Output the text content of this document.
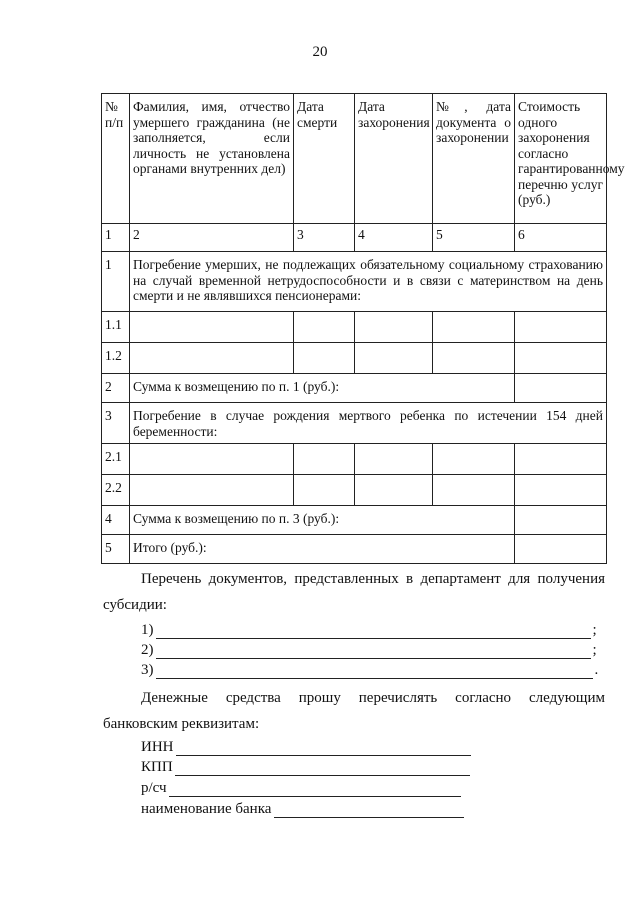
20
№ п/п	Фамилия, имя, отчество умершего гражданина (не заполняется, если личность не установлена органами внутренних дел)	Дата смерти	Дата захоронения	№, дата документа о захоронении	Стоимость одного захоронения согласно гарантированному перечню услуг (руб.)
1	2	3	4	5	6
1	Погребение умерших, не подлежащих обязательному социальному страхованию на случай временной нетрудоспособности и в связи с материнством на день смерти и не являвшихся пенсионерами:				
1.1					
1.2					
2	Сумма к возмещению по п. 1 (руб.):				
3	Погребение в случае рождения мертвого ребенка по истечении 154 дней беременности:				
2.1					
2.2					
4	Сумма к возмещению по п. 3 (руб.):				
5	Итого (руб.):				
Перечень документов, представленных в департамент для получения субсидии:
1)	;
2)	;
3)	.
Денежные средства прошу перечислять согласно следующим банковским реквизитам:
ИНН
КПП
р/сч
наименование банка
